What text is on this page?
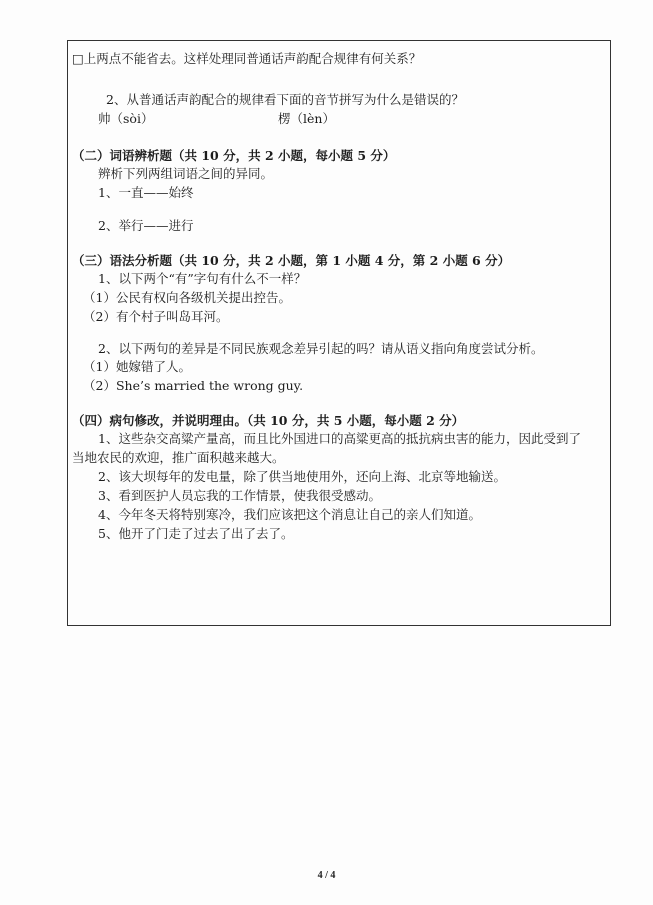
□上两点不能省去。这样处理同普通话声韵配合规律有何关系？
2、从普通话声韵配合的规律看下面的音节拼写为什么是错误的？
帅（sòi）	楞（lèn）
（二）词语辨析题（共 10 分，共 2 小题，每小题 5 分）
辨析下列两组词语之间的异同。
1、一直——始终
2、举行——进行
（三）语法分析题（共 10 分，共 2 小题，第 1 小题 4 分，第 2 小题 6 分）
1、以下两个“有”字句有什么不一样？
（1）公民有权向各级机关提出控告。
（2）有个村子叫岛耳河。
2、以下两句的差异是不同民族观念差异引起的吗？请从语义指向角度尝试分析。
（1）她嫁错了人。
（2）She’s married the wrong guy.
（四）病句修改，并说明理由。（共 10 分，共 5 小题，每小题 2 分）
1、这些杂交高粱产量高，而且比外国进口的高粱更高的抵抗病虫害的能力，因此受到了
当地农民的欢迎，推广面积越来越大。
2、该大坝每年的发电量，除了供当地使用外，还向上海、北京等地输送。
3、看到医护人员忘我的工作情景，使我很受感动。
4、今年冬天将特别寒冷，我们应该把这个消息让自己的亲人们知道。
5、他开了门走了过去了出了去了。
4 / 4
